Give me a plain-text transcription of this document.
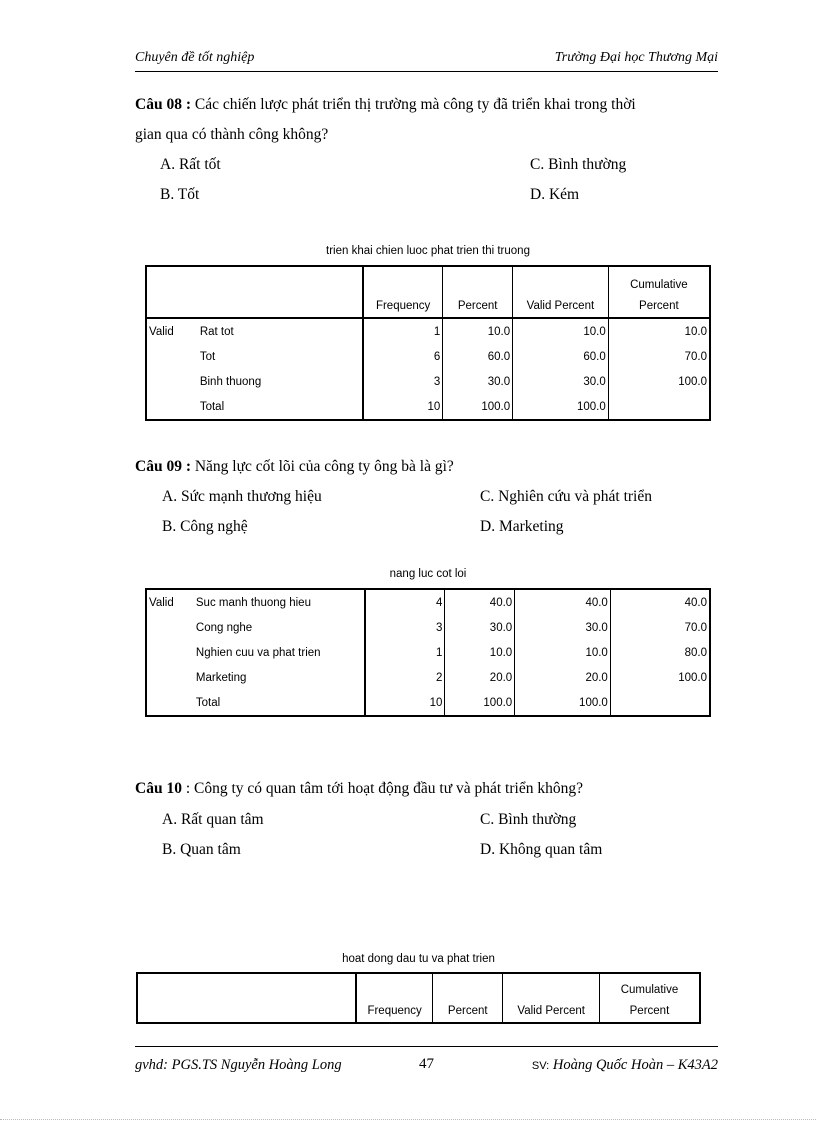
Chuyên đề tốt nghiệp	Trường Đại học Thương Mại
Câu 08 : Các chiến lược phát triển thị trường mà công ty đã triển khai trong thời
gian qua có thành công không?
A. Rất tốt	C. Bình thường
B. Tốt	D. Kém
trien khai chien luoc phat trien thi truong
		Frequency	Percent	Valid Percent	Cumulative
Percent
Valid	Rat tot	1	10.0	10.0	10.0
	Tot	6	60.0	60.0	70.0
	Binh thuong	3	30.0	30.0	100.0
	Total	10	100.0	100.0	
Câu 09 : Năng lực cốt lõi của công ty ông bà là gì?
A. Sức mạnh thương hiệu	C. Nghiên cứu và phát triển
B. Công nghệ	D. Marketing
nang luc cot loi
Valid	Suc manh thuong hieu	4	40.0	40.0	40.0
	Cong nghe	3	30.0	30.0	70.0
	Nghien cuu va phat trien	1	10.0	10.0	80.0
	Marketing	2	20.0	20.0	100.0
	Total	10	100.0	100.0	
Câu 10 : Công ty có quan tâm tới hoạt động đầu tư và phát triển không?
A. Rất quan tâm	C. Bình thường
B. Quan tâm	D. Không quan tâm
hoat dong dau tu va phat trien
	Frequency	Percent	Valid Percent	Cumulative
Percent
gvhd: PGS.TS Nguyễn Hoàng Long	47	SV: Hoàng Quốc Hoàn – K43A2
